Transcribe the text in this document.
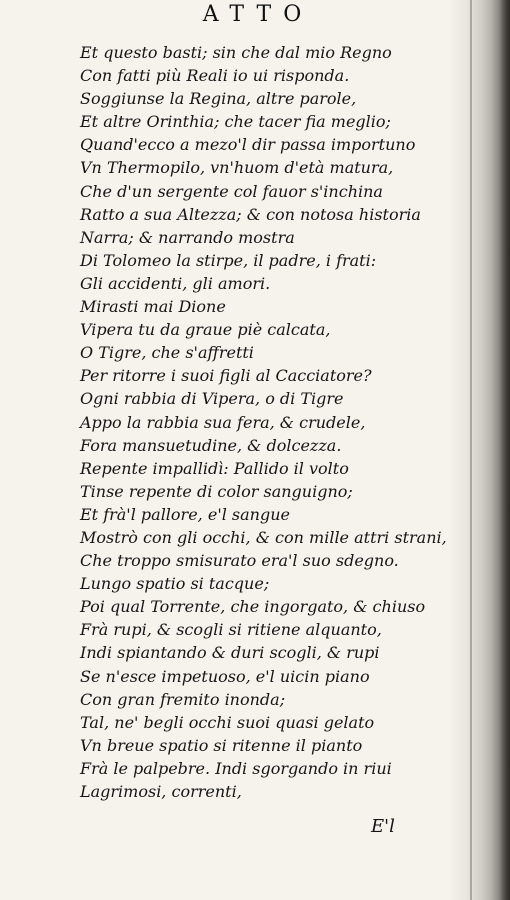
ATTO
Et questo basti; sin che dal mio Regno
Con fatti più Reali io ui risponda.
Soggiunse la Regina, altre parole,
Et altre Orinthia; che tacer fia meglio;
Quand'ecco a mezo'l dir passa importuno
Vn Thermopilo, vn'huom d'età matura,
Che d'un sergente col fauor s'inchina
Ratto a sua Altezza; & con notosa historia
Narra; & narrando mostra
Di Tolomeo la stirpe, il padre, i frati:
Gli accidenti, gli amori.
Mirasti mai Dione
Vipera tu da graue piè calcata,
O Tigre, che s'affretti
Per ritorre i suoi figli al Cacciatore?
Ogni rabbia di Vipera, o di Tigre
Appo la rabbia sua fera, & crudele,
Fora mansuetudine, & dolcezza.
Repente impallidì: Pallido il volto
Tinse repente di color sanguigno;
Et frà'l pallore, e'l sangue
Mostrò con gli occhi, & con mille attri strani,
Che troppo smisurato era'l suo sdegno.
Lungo spatio si tacque;
Poi qual Torrente, che ingorgato, & chiuso
Frà rupi, & scogli si ritiene alquanto,
Indi spiantando & duri scogli, & rupi
Se n'esce impetuoso, e'l uicin piano
Con gran fremito inonda;
Tal, ne' begli occhi suoi quasi gelato
Vn breue spatio si ritenne il pianto
Frà le palpebre. Indi sgorgando in riui
Lagrimosi, correnti,
E'l
